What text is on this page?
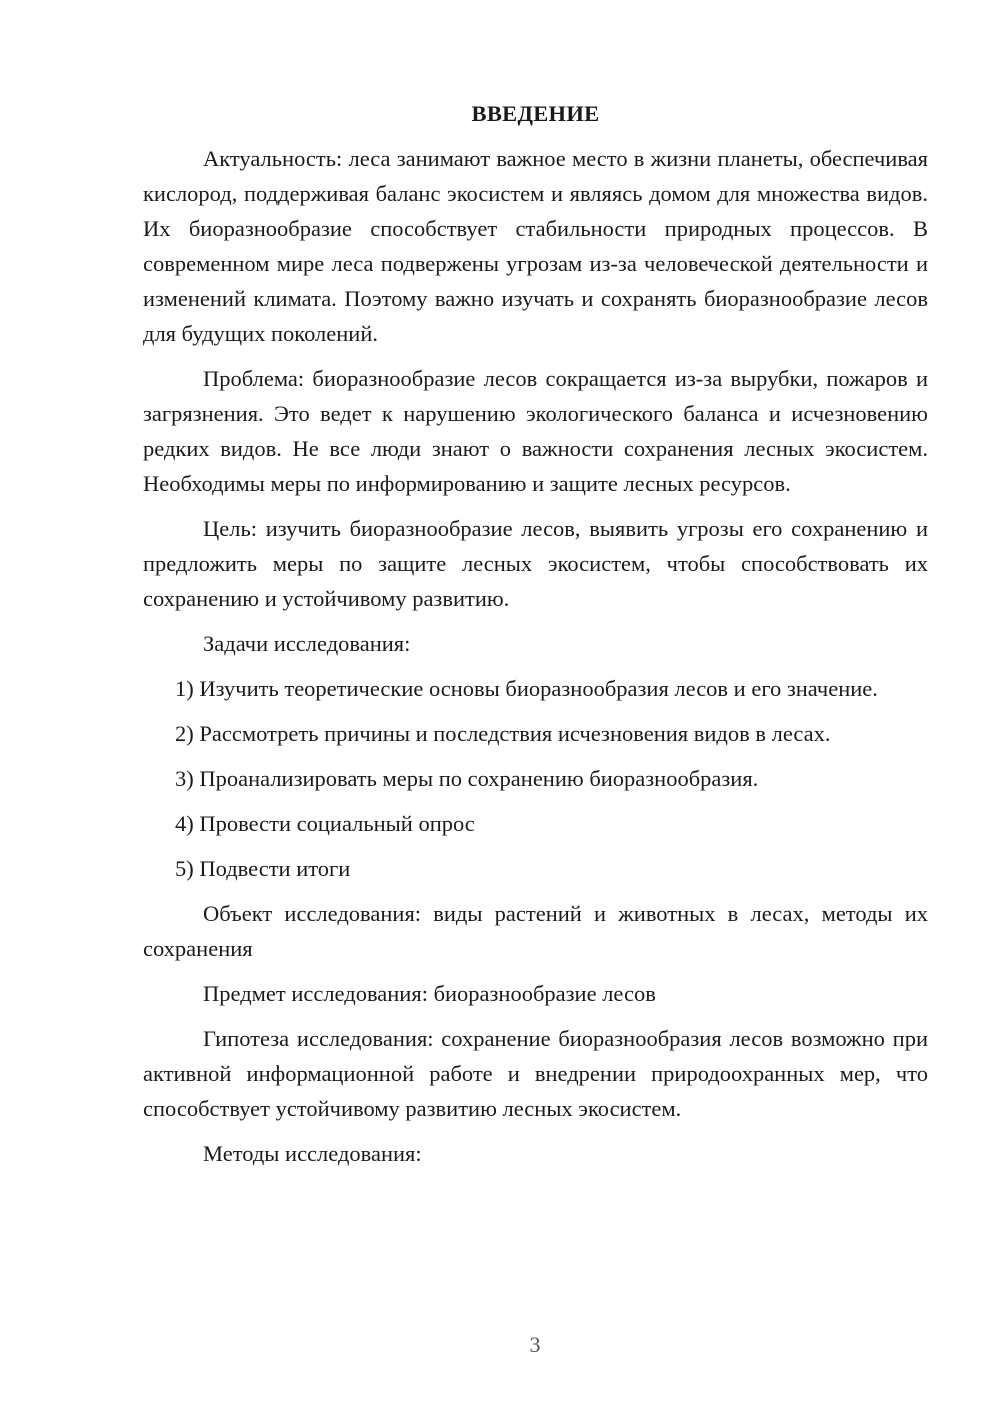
ВВЕДЕНИЕ

Актуальность: леса занимают важное место в жизни планеты, обеспечивая кислород, поддерживая баланс экосистем и являясь домом для множества видов. Их биоразнообразие способствует стабильности природных процессов. В современном мире леса подвержены угрозам из-за человеческой деятельности и изменений климата. Поэтому важно изучать и сохранять биоразнообразие лесов для будущих поколений.

Проблема: биоразнообразие лесов сокращается из-за вырубки, пожаров и загрязнения. Это ведет к нарушению экологического баланса и исчезновению редких видов. Не все люди знают о важности сохранения лесных экосистем. Необходимы меры по информированию и защите лесных ресурсов.

Цель: изучить биоразнообразие лесов, выявить угрозы его сохранению и предложить меры по защите лесных экосистем, чтобы способствовать их сохранению и устойчивому развитию.

Задачи исследования:

1) Изучить теоретические основы биоразнообразия лесов и его значение.

2) Рассмотреть причины и последствия исчезновения видов в лесах.

3) Проанализировать меры по сохранению биоразнообразия.

4) Провести социальный опрос

5) Подвести итоги

Объект исследования: виды растений и животных в лесах, методы их сохранения

Предмет исследования: биоразнообразие лесов

Гипотеза исследования: сохранение биоразнообразия лесов возможно при активной информационной работе и внедрении природоохранных мер, что способствует устойчивому развитию лесных экосистем.

Методы исследования:

3
